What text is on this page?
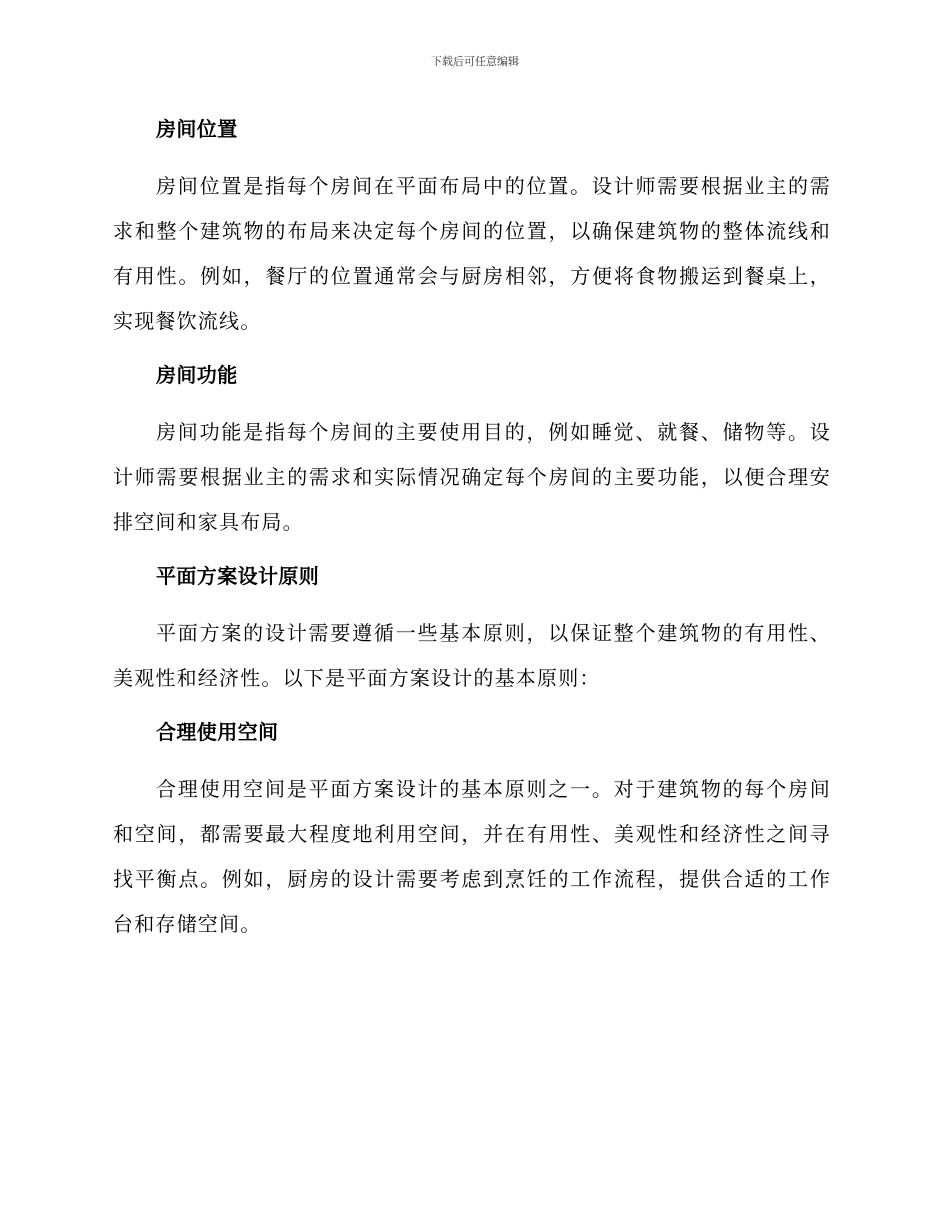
下载后可任意编辑
房间位置

房间位置是指每个房间在平面布局中的位置。设计师需要根据业主的需求和整个建筑物的布局来决定每个房间的位置，以确保建筑物的整体流线和有用性。例如，餐厅的位置通常会与厨房相邻，方便将食物搬运到餐桌上，实现餐饮流线。

房间功能

房间功能是指每个房间的主要使用目的，例如睡觉、就餐、储物等。设计师需要根据业主的需求和实际情况确定每个房间的主要功能，以便合理安排空间和家具布局。

平面方案设计原则

平面方案的设计需要遵循一些基本原则，以保证整个建筑物的有用性、美观性和经济性。以下是平面方案设计的基本原则：

合理使用空间

合理使用空间是平面方案设计的基本原则之一。对于建筑物的每个房间和空间，都需要最大程度地利用空间，并在有用性、美观性和经济性之间寻找平衡点。例如，厨房的设计需要考虑到烹饪的工作流程，提供合适的工作台和存储空间。
